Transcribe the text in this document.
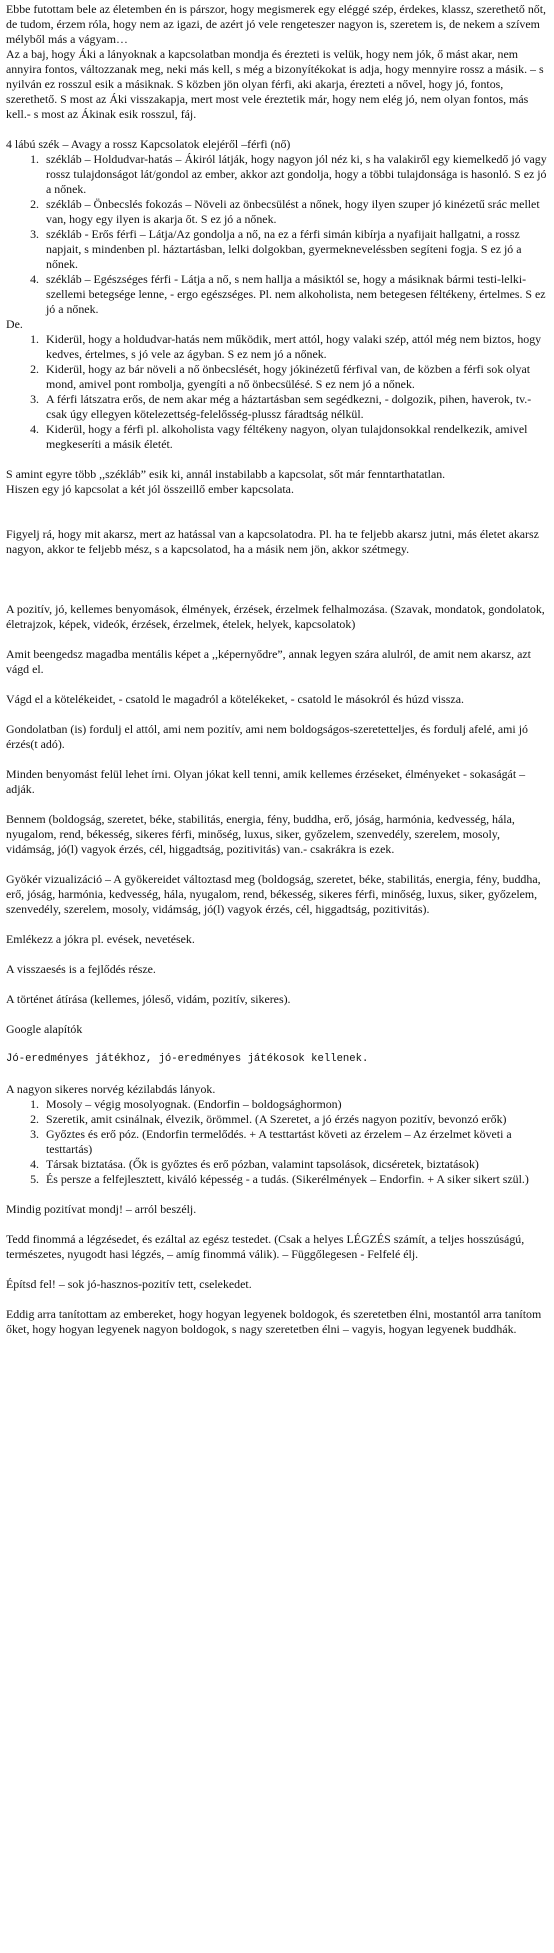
Ebbe futottam bele az életemben én is párszor, hogy megismerek egy eléggé szép, érdekes, klassz, szerethető nőt, de tudom, érzem róla, hogy nem az igazi, de azért jó vele rengeteszer nagyon is, szeretem is, de nekem a szívem mélyből más a vágyam…

Az a baj, hogy Áki a lányoknak a kapcsolatban mondja és érezteti is velük, hogy nem jók, ő mást akar, nem annyira fontos, változzanak meg, neki más kell, s még a bizonyítékokat is adja, hogy mennyire rossz a másik. – s nyilván ez rosszul esik a másiknak. S közben jön olyan férfi, aki akarja, érezteti a nővel, hogy jó, fontos, szerethető. S most az Áki visszakapja, mert most vele éreztetik már, hogy nem elég jó, nem olyan fontos, más kell.- s most az Ákinak esik rosszul, fáj.

4 lábú szék – Avagy a rossz Kapcsolatok elejéről –férfi (nő)

1. székláb – Holdudvar-hatás – Ákiról látják, hogy nagyon jól néz ki, s ha valakiről egy kiemelkedő jó vagy rossz tulajdonságot lát/gondol az ember, akkor azt gondolja, hogy a többi tulajdonsága is hasonló. S ez jó a nőnek.
2. székláb – Önbecslés fokozás – Növeli az önbecsülést a nőnek, hogy ilyen szuper jó kinézetű srác mellet van, hogy egy ilyen is akarja őt. S ez jó a nőnek.
3. székláb - Erős férfi – Látja/Az gondolja a nő, na ez a férfi simán kibírja a nyafijait hallgatni, a rossz napjait, s mindenben pl. háztartásban, lelki dolgokban, gyermekneveléssben segíteni fogja. S ez jó a nőnek.
4. székláb – Egészséges férfi - Látja a nő, s nem hallja a másiktól se, hogy a másiknak bármi testi-lelki-szellemi betegsége lenne, - ergo egészséges. Pl. nem alkoholista, nem betegesen féltékeny, értelmes. S ez jó a nőnek.

De.

1. Kiderül, hogy a holdudvar-hatás nem működik, mert attól, hogy valaki szép, attól még nem biztos, hogy kedves, értelmes, s jó vele az ágyban. S ez nem jó a nőnek.
2. Kiderül, hogy az bár növeli a nő önbecslését, hogy jókinézetű férfival van, de közben a férfi sok olyat mond, amivel pont rombolja, gyengíti a nő önbecsülésé. S ez nem jó a nőnek.
3. A férfi látszatra erős, de nem akar még a háztartásban sem segédkezni, - dolgozik, pihen, haverok, tv.- csak úgy ellegyen kötelezettség-felelősség-plussz fáradtság nélkül.
4. Kiderül, hogy a férfi pl. alkoholista vagy féltékeny nagyon, olyan tulajdonsokkal rendelkezik, amivel megkeseríti a másik életét.

S amint egyre több ,,székláb” esik ki, annál instabilabb a kapcsolat, sőt már fenntarthatatlan.

Hiszen egy jó kapcsolat a két jól összeillő ember kapcsolata.

Figyelj rá, hogy mit akarsz, mert az hatással van a kapcsolatodra. Pl. ha te feljebb akarsz jutni, más életet akarsz nagyon, akkor te feljebb mész, s a kapcsolatod, ha a másik nem jön, akkor szétmegy.

A pozitív, jó, kellemes benyomások, élmények, érzések, érzelmek felhalmozása. (Szavak, mondatok, gondolatok, életrajzok, képek, videók, érzések, érzelmek, ételek, helyek, kapcsolatok)

Amit beengedsz magadba mentális képet a ,,képernyődre”, annak legyen szára alulról, de amit nem akarsz, azt vágd el.

Vágd el a kötelékeidet, - csatold le magadról a kötelékeket, - csatold le másokról és húzd vissza.

Gondolatban (is) fordulj el attól, ami nem pozitív, ami nem boldogságos-szeretetteljes, és fordulj afelé, ami jó érzés(t adó).

Minden benyomást felül lehet írni. Olyan jókat kell tenni, amik kellemes érzéseket, élményeket - sokaságát – adják.

Bennem (boldogság, szeretet, béke, stabilitás, energia, fény, buddha, erő, jóság, harmónia, kedvesség, hála, nyugalom, rend, békesség, sikeres férfi, minőség, luxus, siker, győzelem, szenvedély, szerelem, mosoly, vidámság, jó(l) vagyok érzés, cél, higgadtság, pozitivitás) van.- csakrákra is ezek.

Gyökér vizualizáció – A gyökereidet változtasd meg (boldogság, szeretet, béke, stabilitás, energia, fény, buddha, erő, jóság, harmónia, kedvesség, hála, nyugalom, rend, békesség, sikeres férfi, minőség, luxus, siker, győzelem, szenvedély, szerelem, mosoly, vidámság, jó(l) vagyok érzés, cél, higgadtság, pozitivitás).

Emlékezz a jókra pl. evések, nevetések.

A visszaesés is a fejlődés része.

A történet átírása (kellemes, jóleső, vidám, pozitív, sikeres).

Google alapítók

Jó-eredményes játékhoz, jó-eredményes játékosok kellenek.

A nagyon sikeres norvég kézilabdás lányok.

1. Mosoly – végig mosolyognak. (Endorfin – boldogsághormon)
2. Szeretik, amit csinálnak, élvezik, örömmel. (A Szeretet, a jó érzés nagyon pozitív, bevonzó erők)
3. Győztes és erő póz. (Endorfin termelődés. + A testtartást követi az érzelem – Az érzelmet követi a testtartás)
4. Társak biztatása. (Ők is győztes és erő pózban, valamint tapsolások, dicséretek, biztatások)
5. És persze a felfejlesztett, kiváló képesség - a tudás. (Sikerélmények – Endorfin. + A siker sikert szül.)

Mindig pozitívat mondj! – arról beszélj.

Tedd finommá a légzésedet, és ezáltal az egész testedet. (Csak a helyes LÉGZÉS számít, a teljes hosszúságú, természetes, nyugodt hasi légzés, – amíg finommá válik). – Függőlegesen - Felfelé élj.

Építsd fel! – sok jó-hasznos-pozitív tett, cselekedet.

Eddig arra tanítottam az embereket, hogy hogyan legyenek boldogok, és szeretetben élni, mostantól arra tanítom őket, hogy hogyan legyenek nagyon boldogok, s nagy szeretetben élni – vagyis, hogyan legyenek buddhák.
